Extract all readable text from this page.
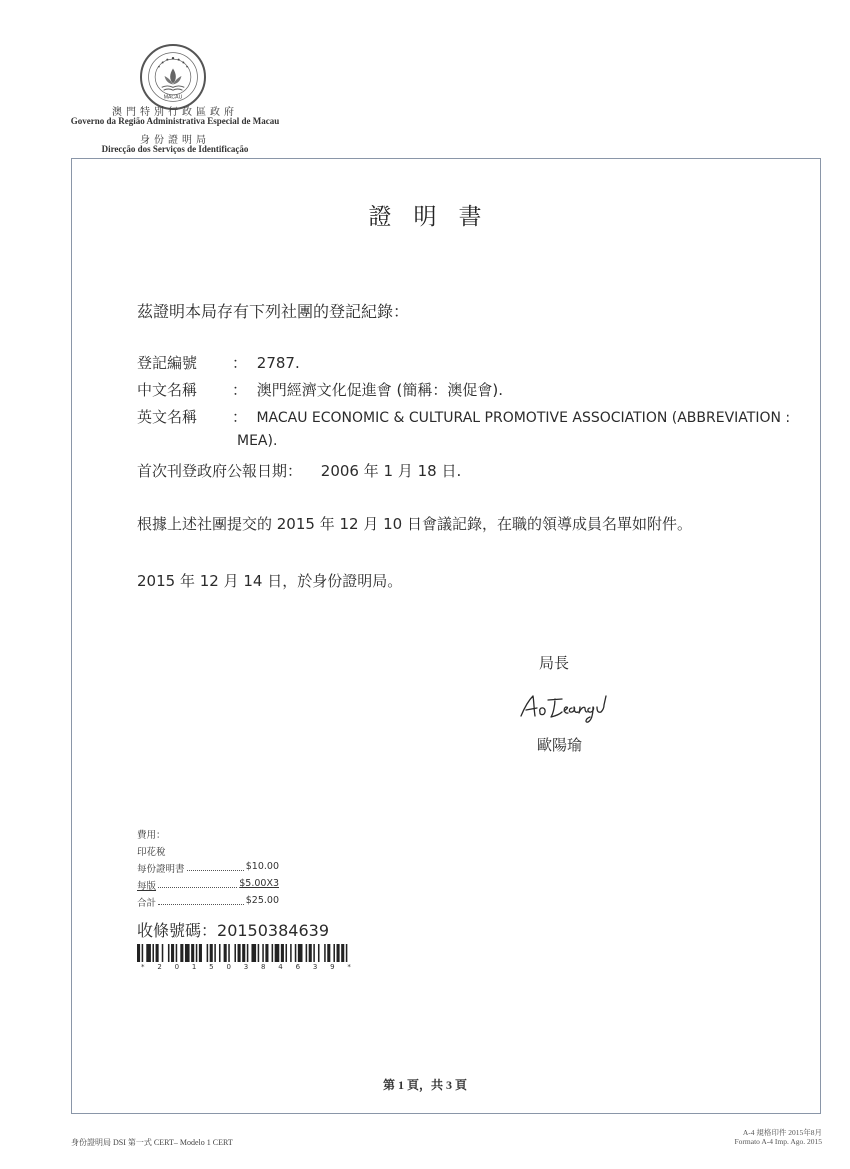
MACAU
澳門特別行政區政府
Governo da Região Administrativa Especial de Macau
身份證明局
Direcção dos Serviços de Identificação
證明書
茲證明本局存有下列社團的登記紀錄：
登記編號 ： 2787.
中文名稱 ： 澳門經濟文化促進會 (簡稱：澳促會).
英文名稱 ： MACAU ECONOMIC & CULTURAL PROMOTIVE ASSOCIATION (ABBREVIATION :
MEA).
首次刊登政府公報日期： 2006 年 1 月 18 日.
根據上述社團提交的 2015 年 12 月 10 日會議記錄，在職的領導成員名單如附件。
2015 年 12 月 14 日，於身份證明局。
局長
歐陽瑜
費用：
印花稅
每份證明書	$10.00
每版	$5.00X3
合計	$25.00
收條號碼：20150384639
* 2 0 1 5 0 3 8 4 6 3 9 *
第 1 頁，共 3 頁
身份證明局 DSI 第一式 CERT– Modelo 1 CERT
A-4 規格印件 2015年8月
Formato A-4 Imp. Ago. 2015
